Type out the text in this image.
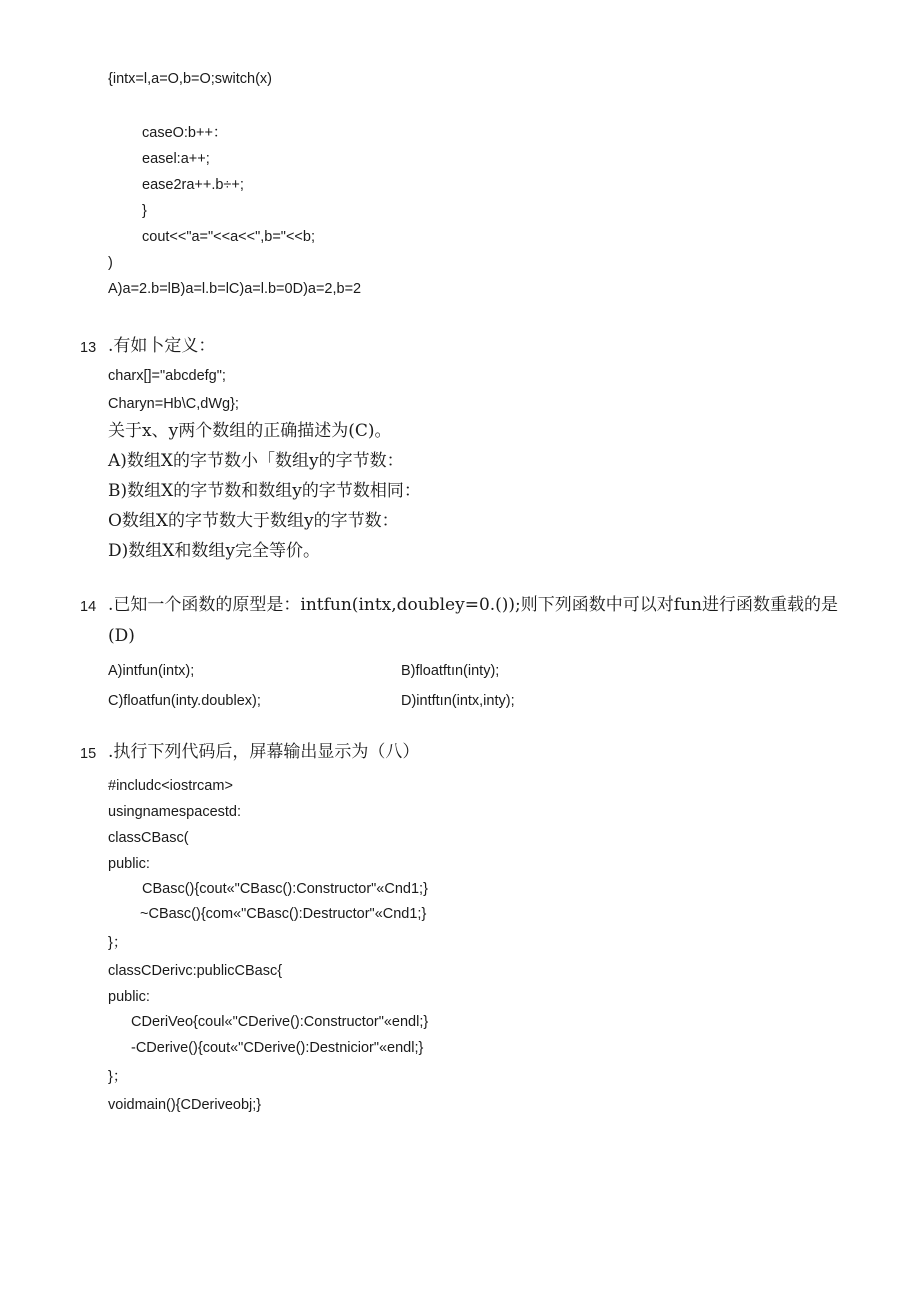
{intx=l,a=O,b=O;switch(x)
caseO:b++：
easel:a++;
ease2ra++.b÷+;
}
cout<<"a="<<a<<",b="<<b;
)
A)a=2.b=lB)a=l.b=lC)a=l.b=0D)a=2,b=2
13 .有如卜定义：
charx[]="abcdefg";
Charyn=Hb\C,dWg};
关于x、y两个数组的正确描述为(C)。
A)数组X的字节数小「数组y的字节数：
B)数组X的字节数和数组y的字节数相同：
O数组X的字节数大于数组y的字节数：
D)数组X和数组y完全等价。
14 .已知一个函数的原型是：intfun(intx,doubley=0.());则下列函数中可以对fun进行函数重载的是
(D)
A)intfun(intx);	B)floatftın(inty);
C)floatfun(inty.doublex);	D)intftın(intx,inty);
15 .执行下列代码后，屏幕输出显示为（八）
#includc<iostrcam>
usingnamespacestd:
classCBasc(
public:
CBasc(){cout«"CBasc():Constructor"«Cnd1;}
~CBasc(){com«"CBasc():Destructor"«Cnd1;}
}；
classCDerivc:publicCBasc{
public:
CDeriVeo{coul«"CDerive():Constructor"«endl;}
-CDerive(){cout«"CDerive():Destnicior"«endl;}
}；
voidmain(){CDeriveobj;}
